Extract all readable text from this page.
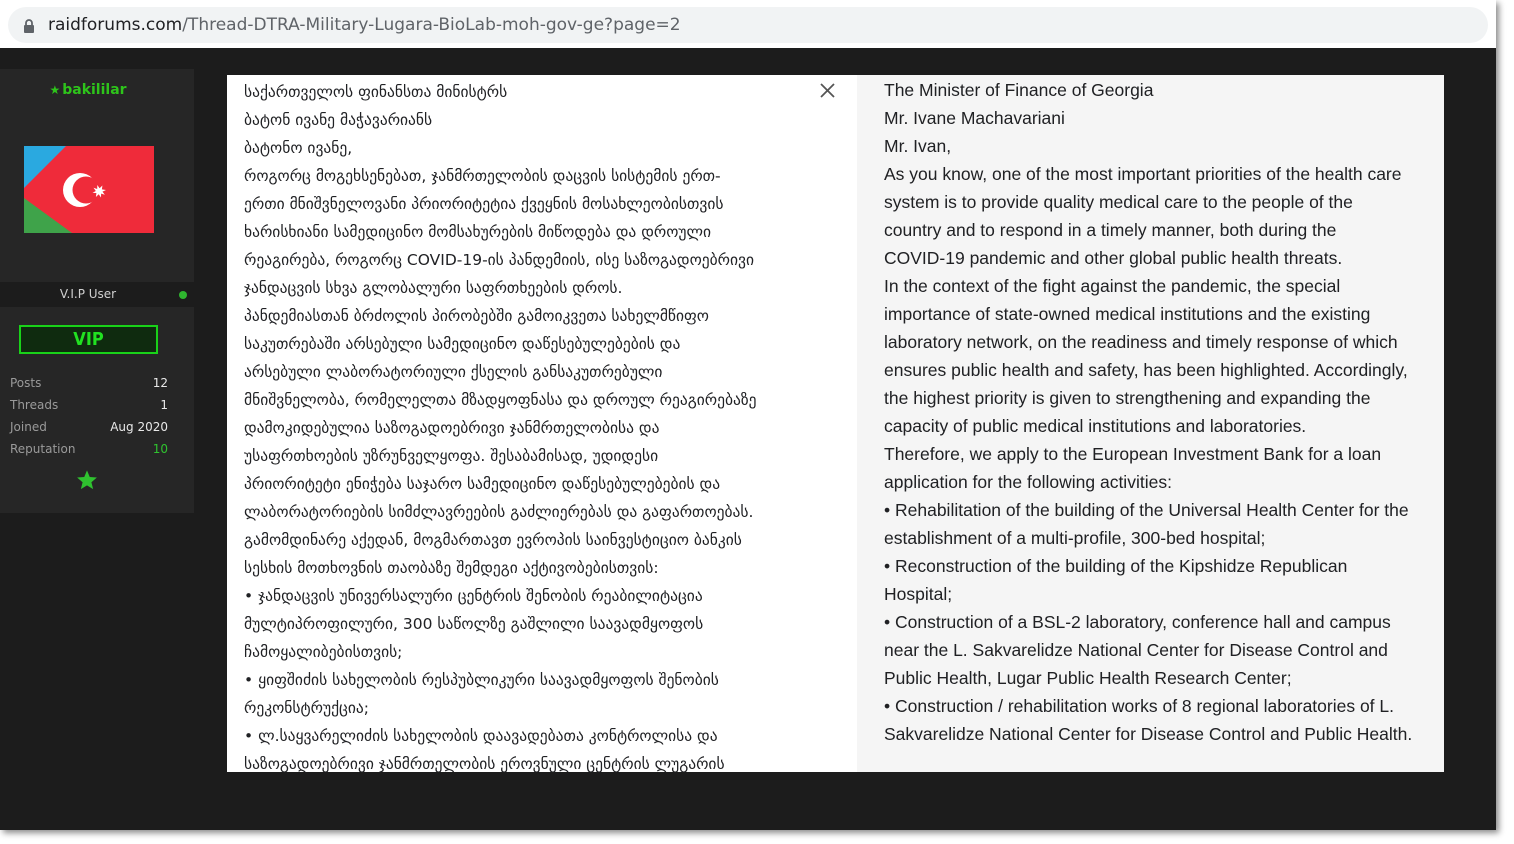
raidforums.com/Thread-DTRA-Military-Lugara-BioLab-moh-gov-ge?page=2
★ bakililar
V.I.P User
VIP
Posts	12
Threads	1
Joined	Aug 2020
Reputation	10
საქართველოს ფინანსთა მინისტრს
ბატონ ივანე მაჭავარიანს
ბატონო ივანე,
როგორც მოგეხსენებათ, ჯანმრთელობის დაცვის სისტემის ერთ-
ერთი მნიშვნელოვანი პრიორიტეტია ქვეყნის მოსახლეობისთვის
ხარისხიანი სამედიცინო მომსახურების მიწოდება და დროული
რეაგირება, როგორც COVID-19-ის პანდემიის, ისე საზოგადოებრივი
ჯანდაცვის სხვა გლობალური საფრთხეების დროს.
პანდემიასთან ბრძოლის პირობებში გამოიკვეთა სახელმწიფო
საკუთრებაში არსებული სამედიცინო დაწესებულებების და
არსებული ლაბორატორიული ქსელის განსაკუთრებული
მნიშვნელობა, რომელელთა მზადყოფნასა და დროულ რეაგირებაზე
დამოკიდებულია საზოგადოებრივი ჯანმრთელობისა და
უსაფრთხოების უზრუნველყოფა. შესაბამისად, უდიდესი
პრიორიტეტი ენიჭება საჯარო სამედიცინო დაწესებულებების და
ლაბორატორიების სიმძლავრეების გაძლიერებას და გაფართოებას.
გამომდინარე აქედან, მოგმართავთ ევროპის საინვესტიციო ბანკის
სესხის მოთხოვნის თაობაზე შემდეგი აქტივობებისთვის:
• ჯანდაცვის უნივერსალური ცენტრის შენობის რეაბილიტაცია
მულტიპროფილური, 300 საწოლზე გაშლილი საავადმყოფოს
ჩამოყალიბებისთვის;
• ყიფშიძის სახელობის რესპუბლიკური საავადმყოფოს შენობის
რეკონსტრუქცია;
• ლ.საყვარელიძის სახელობის დაავადებათა კონტროლისა და
საზოგადოებრივი ჯანმრთელობის ეროვნული ცენტრის ლუგარის
The Minister of Finance of Georgia
Mr. Ivane Machavariani
Mr. Ivan,
As you know, one of the most important priorities of the health care
system is to provide quality medical care to the people of the
country and to respond in a timely manner, both during the
COVID-19 pandemic and other global public health threats.
In the context of the fight against the pandemic, the special
importance of state-owned medical institutions and the existing
laboratory network, on the readiness and timely response of which
ensures public health and safety, has been highlighted. Accordingly,
the highest priority is given to strengthening and expanding the
capacity of public medical institutions and laboratories.
Therefore, we apply to the European Investment Bank for a loan
application for the following activities:
• Rehabilitation of the building of the Universal Health Center for the
establishment of a multi-profile, 300-bed hospital;
• Reconstruction of the building of the Kipshidze Republican
Hospital;
• Construction of a BSL-2 laboratory, conference hall and campus
near the L. Sakvarelidze National Center for Disease Control and
Public Health, Lugar Public Health Research Center;
• Construction / rehabilitation works of 8 regional laboratories of L.
Sakvarelidze National Center for Disease Control and Public Health.
